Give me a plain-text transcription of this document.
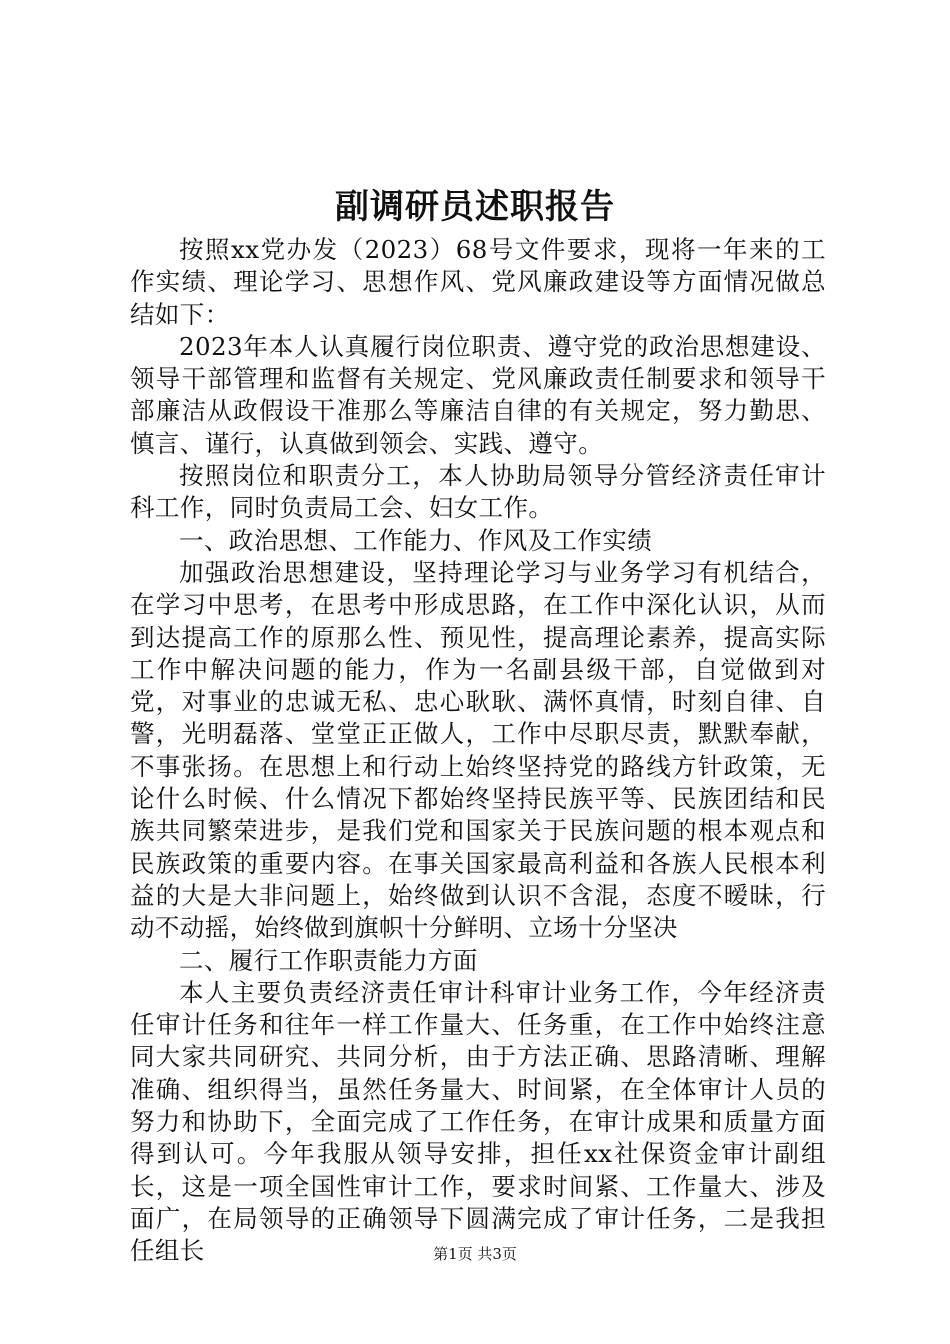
副调研员述职报告

按照xx党办发（2023）68号文件要求，现将一年来的工作实绩、理论学习、思想作风、党风廉政建设等方面情况做总结如下：

2023年本人认真履行岗位职责、遵守党的政治思想建设、领导干部管理和监督有关规定、党风廉政责任制要求和领导干部廉洁从政假设干准那么等廉洁自律的有关规定，努力勤思、慎言、谨行，认真做到领会、实践、遵守。

按照岗位和职责分工，本人协助局领导分管经济责任审计科工作，同时负责局工会、妇女工作。

一、政治思想、工作能力、作风及工作实绩

加强政治思想建设，坚持理论学习与业务学习有机结合，在学习中思考，在思考中形成思路，在工作中深化认识，从而到达提高工作的原那么性、预见性，提高理论素养，提高实际工作中解决问题的能力，作为一名副县级干部，自觉做到对党，对事业的忠诚无私、忠心耿耿、满怀真情，时刻自律、自警，光明磊落、堂堂正正做人，工作中尽职尽责，默默奉献，不事张扬。在思想上和行动上始终坚持党的路线方针政策，无论什么时候、什么情况下都始终坚持民族平等、民族团结和民族共同繁荣进步，是我们党和国家关于民族问题的根本观点和民族政策的重要内容。在事关国家最高利益和各族人民根本利益的大是大非问题上，始终做到认识不含混，态度不暧昧，行动不动摇，始终做到旗帜十分鲜明、立场十分坚决

二、履行工作职责能力方面

本人主要负责经济责任审计科审计业务工作，今年经济责任审计任务和往年一样工作量大、任务重，在工作中始终注意同大家共同研究、共同分析，由于方法正确、思路清晰、理解准确、组织得当，虽然任务量大、时间紧，在全体审计人员的努力和协助下，全面完成了工作任务，在审计成果和质量方面得到认可。今年我服从领导安排，担任xx社保资金审计副组长，这是一项全国性审计工作，要求时间紧、工作量大、涉及面广，在局领导的正确领导下圆满完成了审计任务，二是我担任组长	第1页 共3页
